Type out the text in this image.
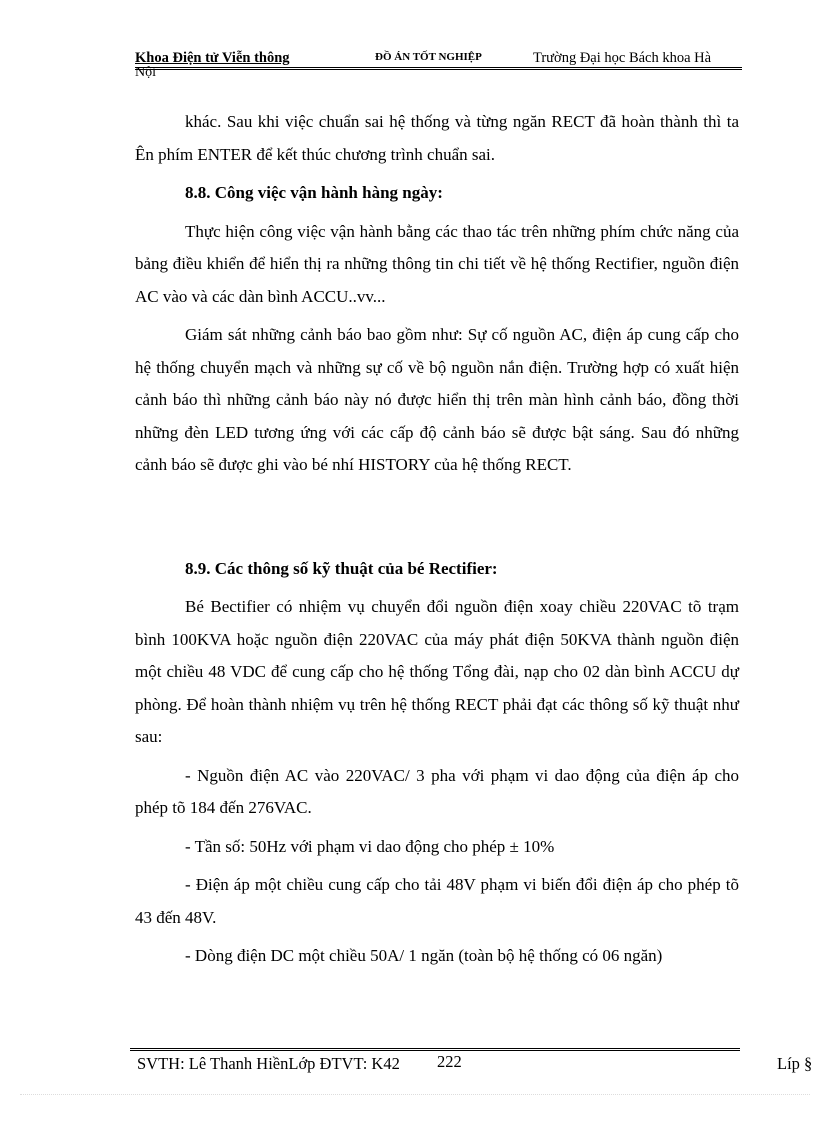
Khoa Điện tử Viễn thông	ĐỒ ÁN TỐT NGHIỆP	Trường Đại học Bách khoa Hà
Nội

khác. Sau khi việc chuẩn sai hệ thống và từng ngăn RECT đã hoàn thành thì ta Ên phím ENTER để kết thúc chương trình chuẩn sai.

8.8. Công việc vận hành hàng ngày:

Thực hiện công việc vận hành bằng các thao tác trên những phím chức năng của bảng điều khiển để hiển thị ra những thông tin chi tiết về hệ thống Rectifier, nguồn điện AC vào và các dàn bình ACCU..vv...

Giám sát những cảnh báo bao gồm như: Sự cố nguồn AC, điện áp cung cấp cho hệ thống chuyển mạch và những sự cố về bộ nguồn nắn điện. Trường hợp có xuất hiện cảnh báo thì những cảnh báo này nó được hiển thị trên màn hình cảnh báo, đồng thời những đèn LED tương ứng với các cấp độ cảnh báo sẽ được bật sáng. Sau đó những cảnh báo sẽ được ghi vào bé nhí HISTORY của hệ thống RECT.

8.9. Các thông số kỹ thuật của bé Rectifier:

Bé Bectifier có nhiệm vụ chuyển đổi nguồn điện xoay chiều 220VAC tõ trạm bình 100KVA hoặc nguồn điện 220VAC của máy phát điện 50KVA thành nguồn điện một chiều 48 VDC để cung cấp cho hệ thống Tổng đài, nạp cho 02 dàn bình ACCU dự phòng. Để hoàn thành nhiệm vụ trên hệ thống RECT phải đạt các thông số kỹ thuật như sau:

- Nguồn điện AC vào 220VAC/ 3 pha với phạm vi dao động của điện áp cho phép tõ 184 đến 276VAC.

- Tần số: 50Hz với phạm vi dao động cho phép ± 10%

- Điện áp một chiều cung cấp cho tải 48V phạm vi biến đổi điện áp cho phép tõ 43 đến 48V.

- Dòng điện DC một chiều 50A/ 1 ngăn (toàn bộ hệ thống có 06 ngăn)

SVTH: Lê Thanh HiềnLớp ĐTVT: K42 222	Líp §
